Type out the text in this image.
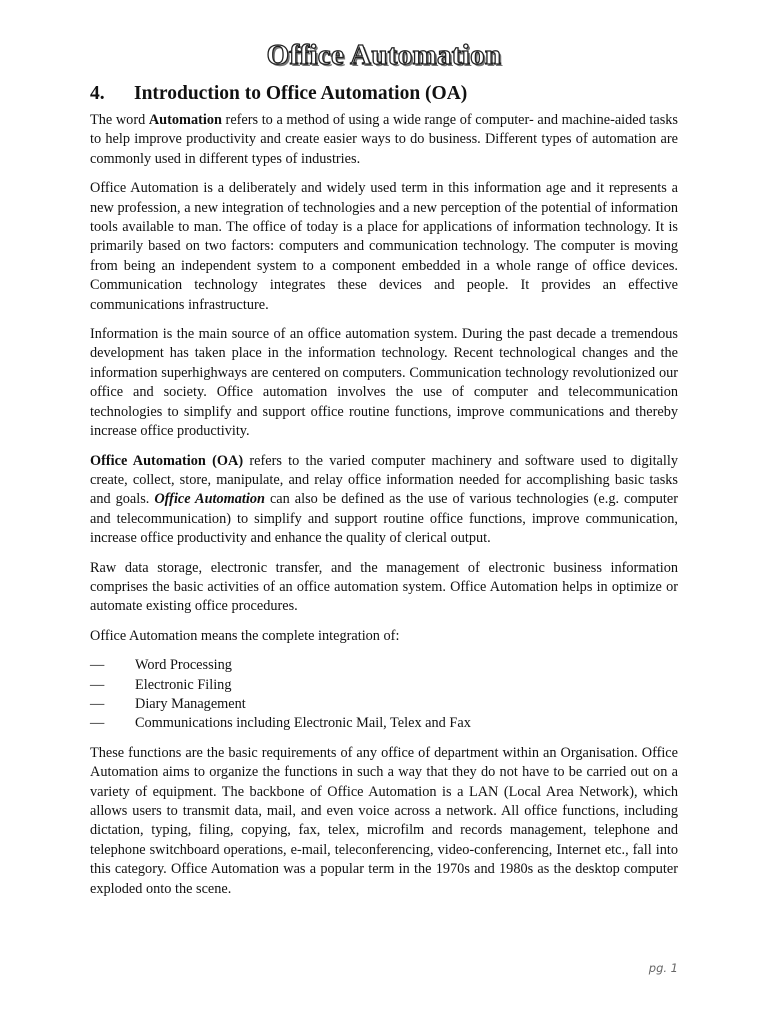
Office Automation
4. Introduction to Office Automation (OA)

The word Automation refers to a method of using a wide range of computer- and machine-aided tasks to help improve productivity and create easier ways to do business. Different types of automation are commonly used in different types of industries.

Office Automation is a deliberately and widely used term in this information age and it represents a new profession, a new integration of technologies and a new perception of the potential of information tools available to man. The office of today is a place for applications of information technology. It is primarily based on two factors: computers and communication technology. The computer is moving from being an independent system to a component embedded in a whole range of office devices. Communication technology integrates these devices and people. It provides an effective communications infrastructure.

Information is the main source of an office automation system. During the past decade a tremendous development has taken place in the information technology. Recent technological changes and the information superhighways are centered on computers. Communication technology revolutionized our office and society. Office automation involves the use of computer and telecommunication technologies to simplify and support office routine functions, improve communications and thereby increase office productivity.

Office Automation (OA) refers to the varied computer machinery and software used to digitally create, collect, store, manipulate, and relay office information needed for accomplishing basic tasks and goals. Office Automation can also be defined as the use of various technologies (e.g. computer and telecommunication) to simplify and support routine office functions, improve communication, increase office productivity and enhance the quality of clerical output.

Raw data storage, electronic transfer, and the management of electronic business information comprises the basic activities of an office automation system. Office Automation helps in optimize or automate existing office procedures.

Office Automation means the complete integration of:

— Word Processing
— Electronic Filing
— Diary Management
— Communications including Electronic Mail, Telex and Fax

These functions are the basic requirements of any office of department within an Organisation. Office Automation aims to organize the functions in such a way that they do not have to be carried out on a variety of equipment. The backbone of Office Automation is a LAN (Local Area Network), which allows users to transmit data, mail, and even voice across a network. All office functions, including dictation, typing, filing, copying, fax, telex, microfilm and records management, telephone and telephone switchboard operations, e-mail, teleconferencing, video-conferencing, Internet etc., fall into this category. Office Automation was a popular term in the 1970s and 1980s as the desktop computer exploded onto the scene.

pg. 1
